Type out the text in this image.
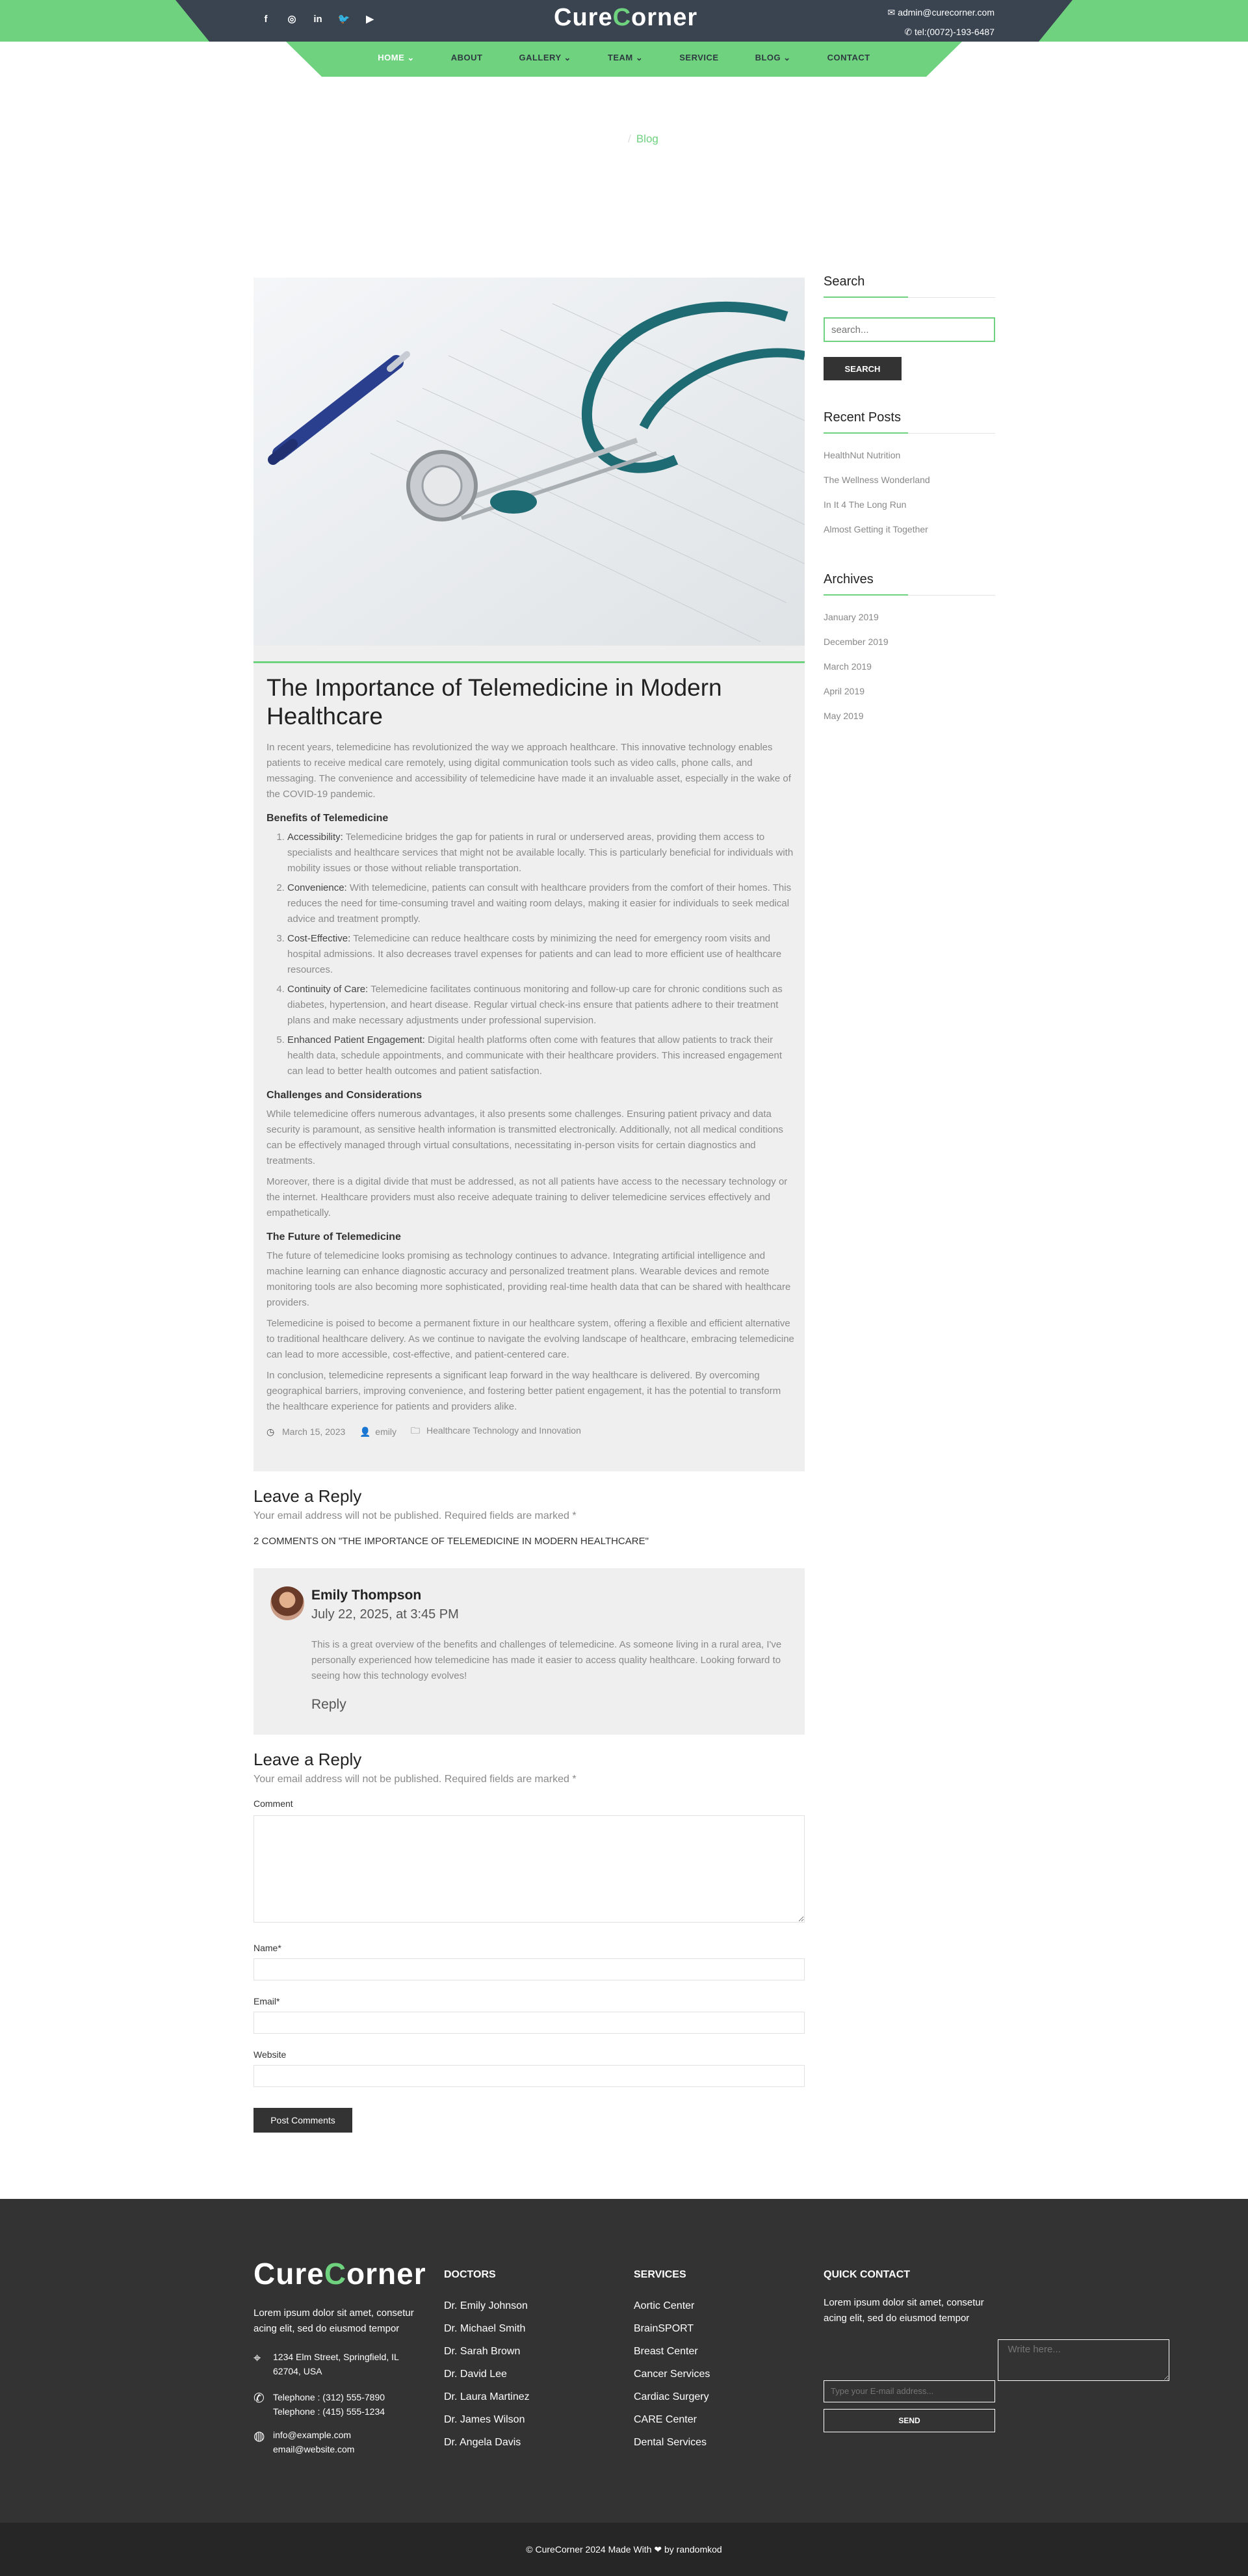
f	◎ in 🐦 ▶	CureCorner	✉ admin@curecorner.com
✆ tel:(0072)-193-6487
HOME ⌄	ABOUT	GALLERY ⌄	TEAM ⌄	SERVICE	BLOG ⌄	CONTACT
HOME / Blog
The Importance of Telemedicine in Modern Healthcare

In recent years, telemedicine has revolutionized the way we approach healthcare. This innovative technology enables patients to receive medical care remotely, using digital communication tools such as video calls, phone calls, and messaging. The convenience and accessibility of telemedicine have made it an invaluable asset, especially in the wake of the COVID-19 pandemic.

Benefits of Telemedicine
1. Accessibility: Telemedicine bridges the gap for patients in rural or underserved areas, providing them access to specialists and healthcare services that might not be available locally. This is particularly beneficial for individuals with mobility issues or those without reliable transportation.
2. Convenience: With telemedicine, patients can consult with healthcare providers from the comfort of their homes. This reduces the need for time-consuming travel and waiting room delays, making it easier for individuals to seek medical advice and treatment promptly.
3. Cost-Effective: Telemedicine can reduce healthcare costs by minimizing the need for emergency room visits and hospital admissions. It also decreases travel expenses for patients and can lead to more efficient use of healthcare resources.
4. Continuity of Care: Telemedicine facilitates continuous monitoring and follow-up care for chronic conditions such as diabetes, hypertension, and heart disease. Regular virtual check-ins ensure that patients adhere to their treatment plans and make necessary adjustments under professional supervision.
5. Enhanced Patient Engagement: Digital health platforms often come with features that allow patients to track their health data, schedule appointments, and communicate with their healthcare providers. This increased engagement can lead to better health outcomes and patient satisfaction.
Challenges and Considerations

While telemedicine offers numerous advantages, it also presents some challenges. Ensuring patient privacy and data security is paramount, as sensitive health information is transmitted electronically. Additionally, not all medical conditions can be effectively managed through virtual consultations, necessitating in-person visits for certain diagnostics and treatments.

Moreover, there is a digital divide that must be addressed, as not all patients have access to the necessary technology or the internet. Healthcare providers must also receive adequate training to deliver telemedicine services effectively and empathetically.

The Future of Telemedicine

The future of telemedicine looks promising as technology continues to advance. Integrating artificial intelligence and machine learning can enhance diagnostic accuracy and personalized treatment plans. Wearable devices and remote monitoring tools are also becoming more sophisticated, providing real-time health data that can be shared with healthcare providers.

Telemedicine is poised to become a permanent fixture in our healthcare system, offering a flexible and efficient alternative to traditional healthcare delivery. As we continue to navigate the evolving landscape of healthcare, embracing telemedicine can lead to more accessible, cost-effective, and patient-centered care.

In conclusion, telemedicine represents a significant leap forward in the way healthcare is delivered. By overcoming geographical barriers, improving convenience, and fostering better patient engagement, it has the potential to transform the healthcare experience for patients and providers alike.

◷ March 15, 2023 👤 emily 🗀 Healthcare Technology and Innovation
Leave a Reply
Your email address will not be published. Required fields are marked *
2 COMMENTS ON "THE IMPORTANCE OF TELEMEDICINE IN MODERN HEALTHCARE"
Emily Thompson
July 22, 2025, at 3:45 PM
This is a great overview of the benefits and challenges of telemedicine. As someone living in a rural area, I've personally experienced how telemedicine has made it easier to access quality healthcare. Looking forward to seeing how this technology evolves!
Reply
Leave a Reply
Your email address will not be published. Required fields are marked *
Comment
Name*
Email*
Website
Post Comments
Search
search...
SEARCH
Recent Posts
HealthNut Nutrition
The Wellness Wonderland
In It 4 The Long Run
Almost Getting it Together
Archives
January 2019
December 2019
March 2019
April 2019
May 2019
CureCorner
Lorem ipsum dolor sit amet, consetur acing elit, sed do eiusmod tempor
⌖ 1234 Elm Street, Springfield, IL 62704, USA
✆ Telephone : (312) 555-7890
Telephone : (415) 555-1234
◍ info@example.com
email@website.com
DOCTORS
Dr. Emily Johnson
Dr. Michael Smith
Dr. Sarah Brown
Dr. David Lee
Dr. Laura Martinez
Dr. James Wilson
Dr. Angela Davis
SERVICES
Aortic Center
BrainSPORT
Breast Center
Cancer Services
Cardiac Surgery
CARE Center
Dental Services
QUICK CONTACT
Lorem ipsum dolor sit amet, consetur acing elit, sed do eiusmod tempor
Type your E-mail address... Write here... SEND
© CureCorner 2024 Made With ❤ by randomkod
